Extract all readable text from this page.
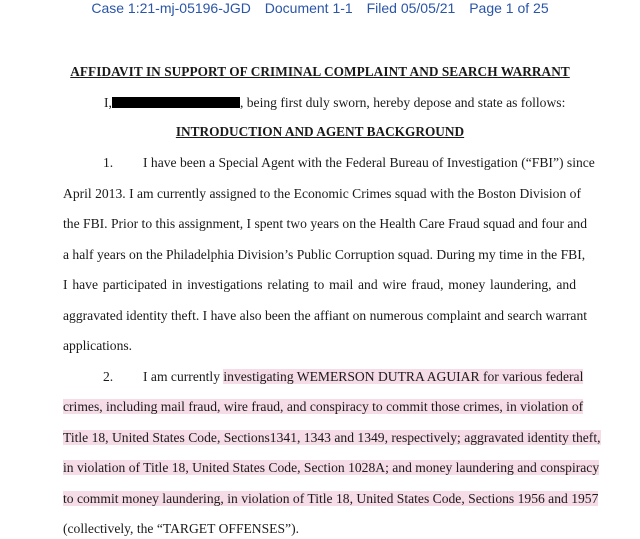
Case 1:21-mj-05196-JGD Document 1-1 Filed 05/05/21 Page 1 of 25
AFFIDAVIT IN SUPPORT OF CRIMINAL COMPLAINT AND SEARCH WARRANT
I,	, being first duly sworn, hereby depose and state as follows:
INTRODUCTION AND AGENT BACKGROUND
1. I have been a Special Agent with the Federal Bureau of Investigation (“FBI”) since
April 2013. I am currently assigned to the Economic Crimes squad with the Boston Division of
the FBI. Prior to this assignment, I spent two years on the Health Care Fraud squad and four and
a half years on the Philadelphia Division’s Public Corruption squad. During my time in the FBI,
I have participated in investigations relating to mail and wire fraud, money laundering, and
aggravated identity theft. I have also been the affiant on numerous complaint and search warrant
applications.
2. I am currently investigating WEMERSON DUTRA AGUIAR for various federal
crimes, including mail fraud, wire fraud, and conspiracy to commit those crimes, in violation of
Title 18, United States Code, Sections1341, 1343 and 1349, respectively; aggravated identity theft,
in violation of Title 18, United States Code, Section 1028A; and money laundering and conspiracy
to commit money laundering, in violation of Title 18, United States Code, Sections 1956 and 1957
(collectively, the “TARGET OFFENSES”).
